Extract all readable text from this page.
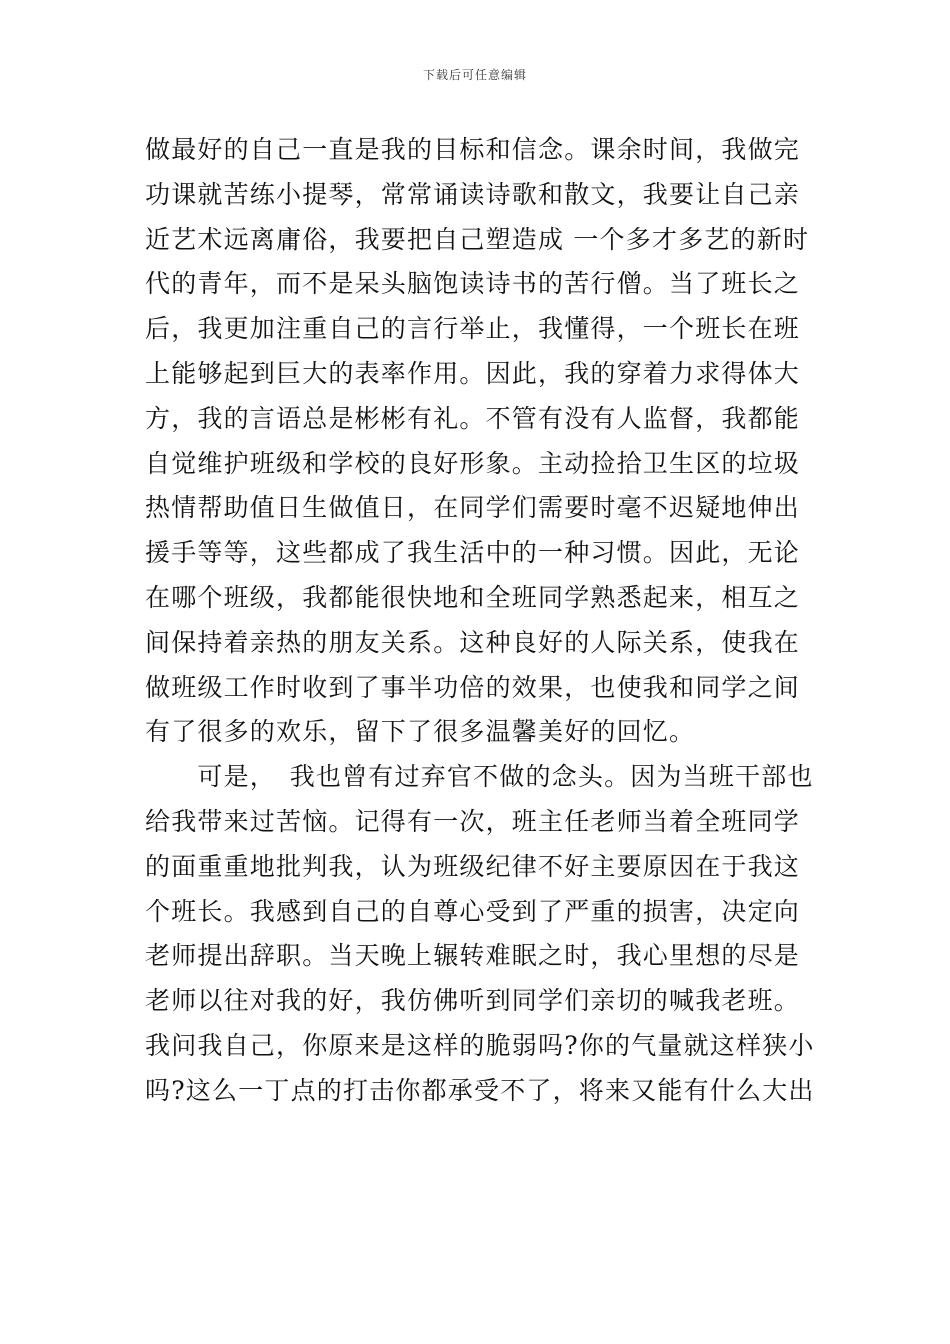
下载后可任意编辑
做最好的自己一直是我的目标和信念。课余时间，我做完
功课就苦练小提琴，常常诵读诗歌和散文，我要让自己亲
近艺术远离庸俗，我要把自己塑造成 一个多才多艺的新时
代的青年，而不是呆头脑饱读诗书的苦行僧。当了班长之
后，我更加注重自己的言行举止，我懂得，一个班长在班
上能够起到巨大的表率作用。因此，我的穿着力求得体大
方，我的言语总是彬彬有礼。不管有没有人监督，我都能
自觉维护班级和学校的良好形象。主动捡拾卫生区的垃圾
热情帮助值日生做值日，在同学们需要时毫不迟疑地伸出
援手等等，这些都成了我生活中的一种习惯。因此，无论
在哪个班级，我都能很快地和全班同学熟悉起来，相互之
间保持着亲热的朋友关系。这种良好的人际关系，使我在
做班级工作时收到了事半功倍的效果，也使我和同学之间
有了很多的欢乐，留下了很多温馨美好的回忆。
　　可是，　我也曾有过弃官不做的念头。因为当班干部也
给我带来过苦恼。记得有一次，班主任老师当着全班同学
的面重重地批判我，认为班级纪律不好主要原因在于我这
个班长。我感到自己的自尊心受到了严重的损害，决定向
老师提出辞职。当天晚上辗转难眠之时，我心里想的尽是
老师以往对我的好，我仿佛听到同学们亲切的喊我老班。
我问我自己，你原来是这样的脆弱吗?你的气量就这样狭小
吗?这么一丁点的打击你都承受不了，将来又能有什么大出
